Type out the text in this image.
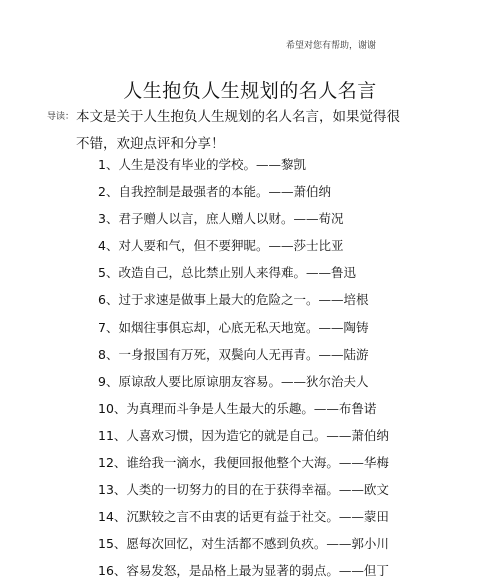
希望对您有帮助，谢谢
人生抱负人生规划的名人名言
导读： 本文是关于人生抱负人生规划的名人名言，如果觉得很
不错，欢迎点评和分享！
1、人生是没有毕业的学校。——黎凯
2、自我控制是最强者的本能。——萧伯纳
3、君子赠人以言，庶人赠人以财。——荀况
4、对人要和气，但不要狎昵。——莎士比亚
5、改造自己，总比禁止别人来得难。——鲁迅
6、过于求速是做事上最大的危险之一。——培根
7、如烟往事俱忘却，心底无私天地宽。——陶铸
8、一身报国有万死，双鬓向人无再青。——陆游
9、原谅敌人要比原谅朋友容易。——狄尔治夫人
10、为真理而斗争是人生最大的乐趣。——布鲁诺
11、人喜欢习惯，因为造它的就是自己。——萧伯纳
12、谁给我一滴水，我便回报他整个大海。——华梅
13、人类的一切努力的目的在于获得幸福。——欧文
14、沉默较之言不由衷的话更有益于社交。——蒙田
15、愿每次回忆，对生活都不感到负疚。——郭小川
16、容易发怒，是品格上最为显著的弱点。——但丁
